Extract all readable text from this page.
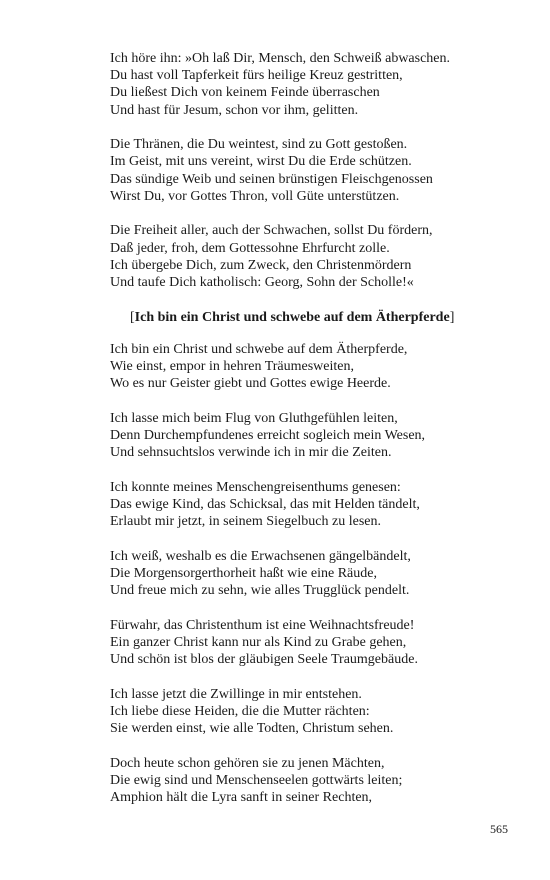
Ich höre ihn: »Oh laß Dir, Mensch, den Schweiß abwaschen.
Du hast voll Tapferkeit fürs heilige Kreuz gestritten,
Du ließest Dich von keinem Feinde überraschen
Und hast für Jesum, schon vor ihm, gelitten.
Die Thränen, die Du weintest, sind zu Gott gestoßen.
Im Geist, mit uns vereint, wirst Du die Erde schützen.
Das sündige Weib und seinen brünstigen Fleischgenossen
Wirst Du, vor Gottes Thron, voll Güte unterstützen.
Die Freiheit aller, auch der Schwachen, sollst Du fördern,
Daß jeder, froh, dem Gottessohne Ehrfurcht zolle.
Ich übergebe Dich, zum Zweck, den Christenmördern
Und taufe Dich katholisch: Georg, Sohn der Scholle!«
[Ich bin ein Christ und schwebe auf dem Ätherpferde]
Ich bin ein Christ und schwebe auf dem Ätherpferde,
Wie einst, empor in hehren Träumesweiten,
Wo es nur Geister giebt und Gottes ewige Heerde.
Ich lasse mich beim Flug von Gluthgefühlen leiten,
Denn Durchempfundenes erreicht sogleich mein Wesen,
Und sehnsuchtslos verwinde ich in mir die Zeiten.
Ich konnte meines Menschengreisenthums genesen:
Das ewige Kind, das Schicksal, das mit Helden tändelt,
Erlaubt mir jetzt, in seinem Siegelbuch zu lesen.
Ich weiß, weshalb es die Erwachsenen gängelbändelt,
Die Morgensorgerthorheit haßt wie eine Räude,
Und freue mich zu sehn, wie alles Trugglück pendelt.
Fürwahr, das Christenthum ist eine Weihnachtsfreude!
Ein ganzer Christ kann nur als Kind zu Grabe gehen,
Und schön ist blos der gläubigen Seele Traumgebäude.
Ich lasse jetzt die Zwillinge in mir entstehen.
Ich liebe diese Heiden, die die Mutter rächten:
Sie werden einst, wie alle Todten, Christum sehen.
Doch heute schon gehören sie zu jenen Mächten,
Die ewig sind und Menschenseelen gottwärts leiten;
Amphion hält die Lyra sanft in seiner Rechten,
565
